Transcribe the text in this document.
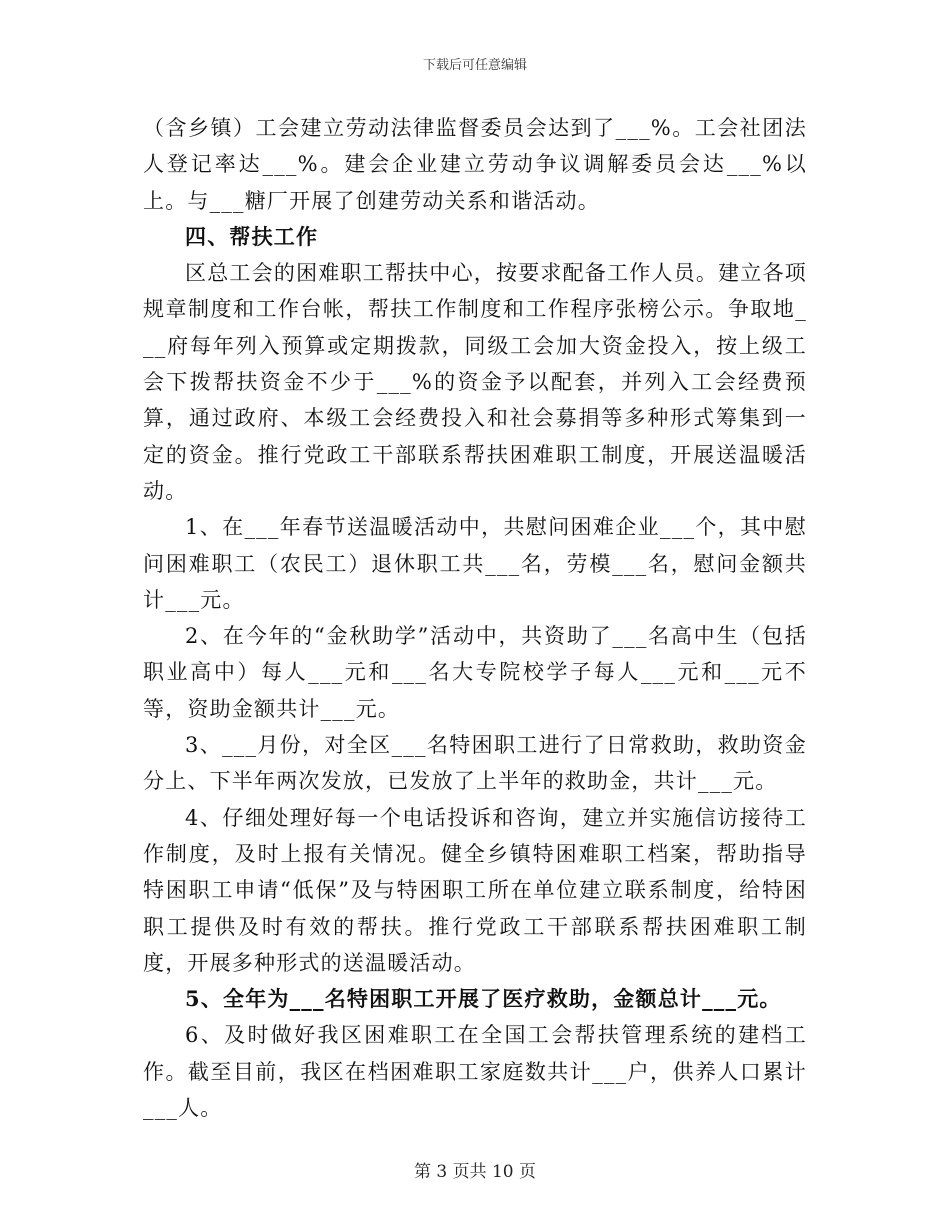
下载后可任意编辑

（含乡镇）工会建立劳动法律监督委员会达到了___%。工会社团法人登记率达___%。建会企业建立劳动争议调解委员会达___%以上。与___糖厂开展了创建劳动关系和谐活动。

四、帮扶工作

区总工会的困难职工帮扶中心，按要求配备工作人员。建立各项规章制度和工作台帐，帮扶工作制度和工作程序张榜公示。争取地___府每年列入预算或定期拨款，同级工会加大资金投入，按上级工会下拨帮扶资金不少于___%的资金予以配套，并列入工会经费预算，通过政府、本级工会经费投入和社会募捐等多种形式筹集到一定的资金。推行党政工干部联系帮扶困难职工制度，开展送温暖活动。

1、在___年春节送温暖活动中，共慰问困难企业___个，其中慰问困难职工（农民工）退休职工共___名，劳模___名，慰问金额共计___元。

2、在今年的“金秋助学”活动中，共资助了___名高中生（包括职业高中）每人___元和___名大专院校学子每人___元和___元不等，资助金额共计___元。

3、___月份，对全区___名特困职工进行了日常救助，救助资金分上、下半年两次发放，已发放了上半年的救助金，共计___元。

4、仔细处理好每一个电话投诉和咨询，建立并实施信访接待工作制度，及时上报有关情况。健全乡镇特困难职工档案，帮助指导特困职工申请“低保”及与特困职工所在单位建立联系制度，给特困职工提供及时有效的帮扶。推行党政工干部联系帮扶困难职工制度，开展多种形式的送温暖活动。

5、全年为___名特困职工开展了医疗救助，金额总计___元。

6、及时做好我区困难职工在全国工会帮扶管理系统的建档工作。截至目前，我区在档困难职工家庭数共计___户，供养人口累计___人。

第 3 页共 10 页
